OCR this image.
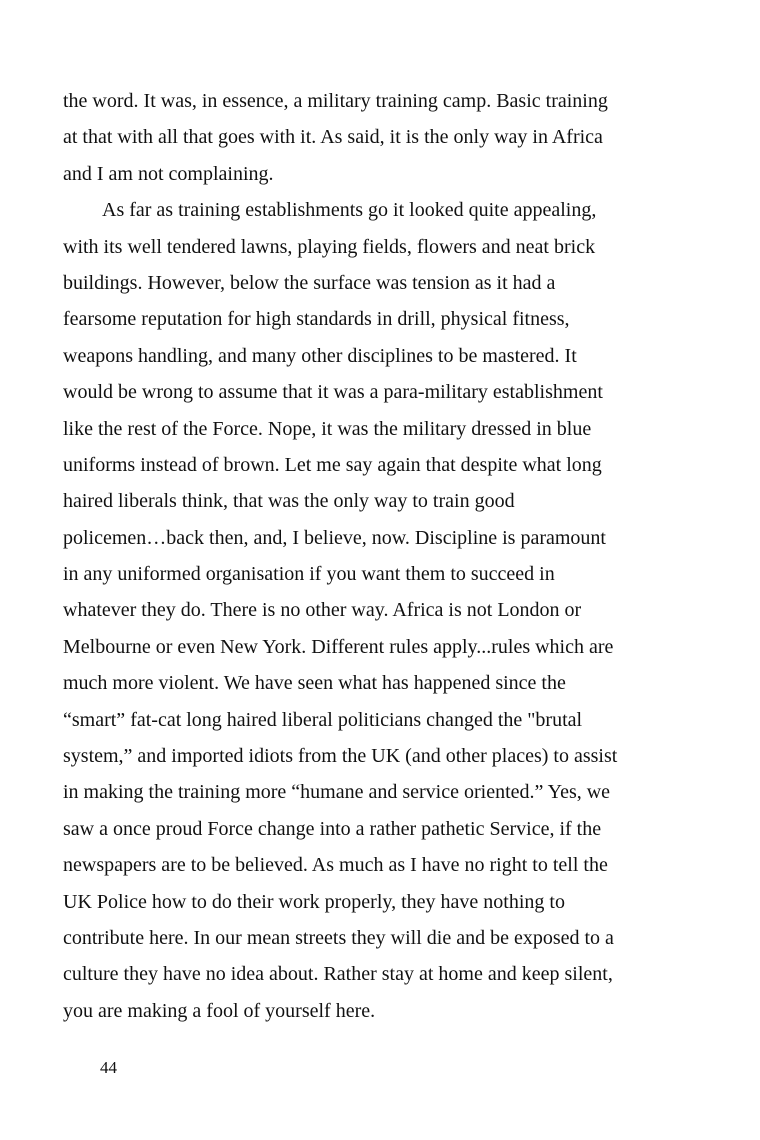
the word. It was, in essence, a military training camp. Basic training
at that with all that goes with it. As said, it is the only way in Africa
and I am not complaining.

As far as training establishments go it looked quite appealing,
with its well tendered lawns, playing fields, flowers and neat brick
buildings. However, below the surface was tension as it had a
fearsome reputation for high standards in drill, physical fitness,
weapons handling, and many other disciplines to be mastered. It
would be wrong to assume that it was a para-military establishment
like the rest of the Force. Nope, it was the military dressed in blue
uniforms instead of brown. Let me say again that despite what long
haired liberals think, that was the only way to train good
policemen…back then, and, I believe, now. Discipline is paramount
in any uniformed organisation if you want them to succeed in
whatever they do. There is no other way. Africa is not London or
Melbourne or even New York. Different rules apply...rules which are
much more violent. We have seen what has happened since the
“smart” fat-cat long haired liberal politicians changed the "brutal
system,” and imported idiots from the UK (and other places) to assist
in making the training more “humane and service oriented.” Yes, we
saw a once proud Force change into a rather pathetic Service, if the
newspapers are to be believed. As much as I have no right to tell the
UK Police how to do their work properly, they have nothing to
contribute here. In our mean streets they will die and be exposed to a
culture they have no idea about. Rather stay at home and keep silent,
you are making a fool of yourself here.

44
